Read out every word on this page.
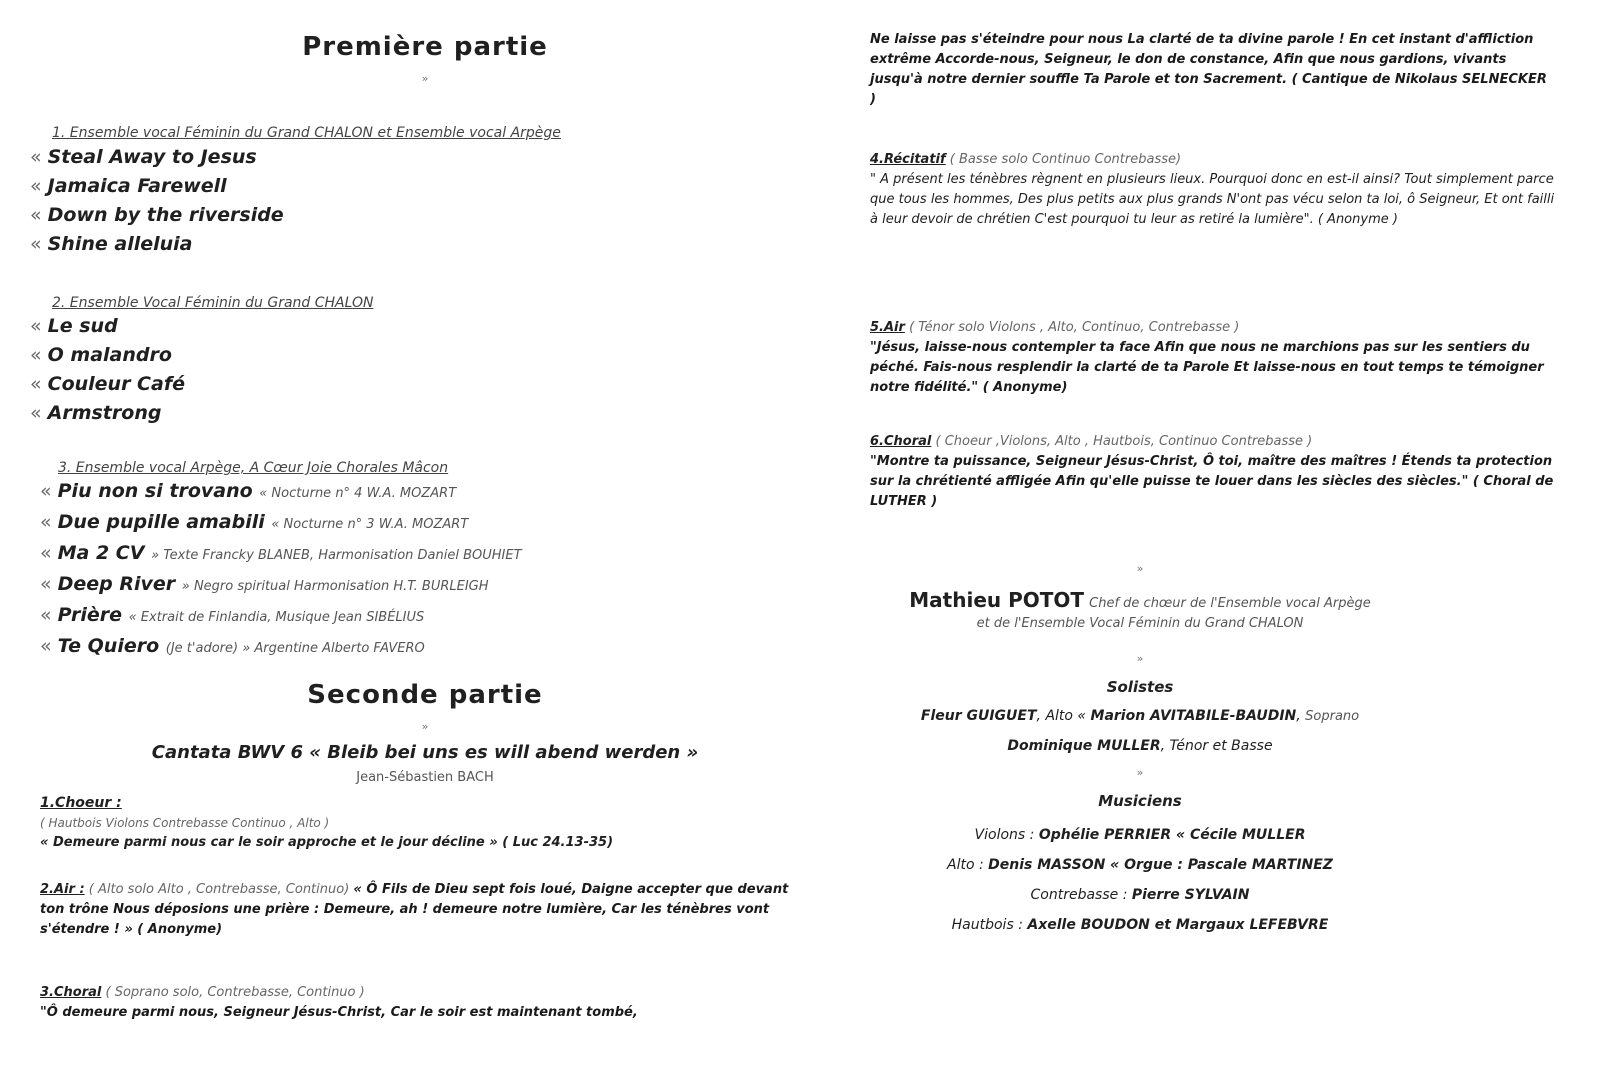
Première partie
»
1. Ensemble vocal Féminin du Grand CHALON et Ensemble vocal Arpège
« Steal Away to Jesus
« Jamaica Farewell
« Down by the riverside
« Shine alleluia
2. Ensemble Vocal Féminin du Grand CHALON
« Le sud
« O malandro
« Couleur Café
« Armstrong
3. Ensemble vocal Arpège, A Cœur Joie Chorales Mâcon
« Piu non si trovano « Nocturne n° 4 W.A. MOZART
« Due pupille amabili « Nocturne n° 3 W.A. MOZART
« Ma 2 CV » Texte Francky BLANEB, Harmonisation Daniel BOUHIET
« Deep River » Negro spiritual Harmonisation H.T. BURLEIGH
« Prière « Extrait de Finlandia, Musique Jean SIBÉLIUS
« Te Quiero (Je t'adore) » Argentine Alberto FAVERO
Seconde partie
»
Cantata BWV 6 « Bleib bei uns es will abend werden »
Jean-Sébastien BACH
1.Choeur :
( Hautbois Violons Contrebasse Continuo , Alto )
« Demeure parmi nous car le soir approche et le jour décline » ( Luc 24.13-35)
2.Air : ( Alto solo Alto , Contrebasse, Continuo) « Ô Fils de Dieu sept fois loué, Daigne accepter que devant ton trône Nous déposions une prière : Demeure, ah ! demeure notre lumière, Car les ténèbres vont s'étendre ! » ( Anonyme)
3.Choral ( Soprano solo, Contrebasse, Continuo )
"Ô demeure parmi nous, Seigneur Jésus-Christ, Car le soir est maintenant tombé,
Ne laisse pas s'éteindre pour nous La clarté de ta divine parole ! En cet instant d'affliction extrême Accorde-nous, Seigneur, le don de constance, Afin que nous gardions, vivants jusqu'à notre dernier souffle Ta Parole et ton Sacrement. ( Cantique de Nikolaus SELNECKER )
4.Récitatif ( Basse solo Continuo Contrebasse)
" A présent les ténèbres règnent en plusieurs lieux. Pourquoi donc en est-il ainsi? Tout simplement parce que tous les hommes, Des plus petits aux plus grands N'ont pas vécu selon ta loi, ô Seigneur, Et ont failli à leur devoir de chrétien C'est pourquoi tu leur as retiré la lumière". ( Anonyme )
5.Air ( Ténor solo Violons , Alto, Continuo, Contrebasse )
"Jésus, laisse-nous contempler ta face Afin que nous ne marchions pas sur les sentiers du péché. Fais-nous resplendir la clarté de ta Parole Et laisse-nous en tout temps te témoigner notre fidélité." ( Anonyme)
6.Choral ( Choeur ,Violons, Alto , Hautbois, Continuo Contrebasse )
"Montre ta puissance, Seigneur Jésus-Christ, Ô toi, maître des maîtres ! Étends ta protection sur la chrétienté affligée Afin qu'elle puisse te louer dans les siècles des siècles." ( Choral de LUTHER )
»
Mathieu POTOT Chef de chœur de l'Ensemble vocal Arpège
et de l'Ensemble Vocal Féminin du Grand CHALON
»
Solistes
Fleur GUIGUET, Alto « Marion AVITABILE-BAUDIN, Soprano
Dominique MULLER, Ténor et Basse
»
Musiciens
Violons : Ophélie PERRIER « Cécile MULLER
Alto : Denis MASSON « Orgue : Pascale MARTINEZ
Contrebasse : Pierre SYLVAIN
Hautbois : Axelle BOUDON et Margaux LEFEBVRE
